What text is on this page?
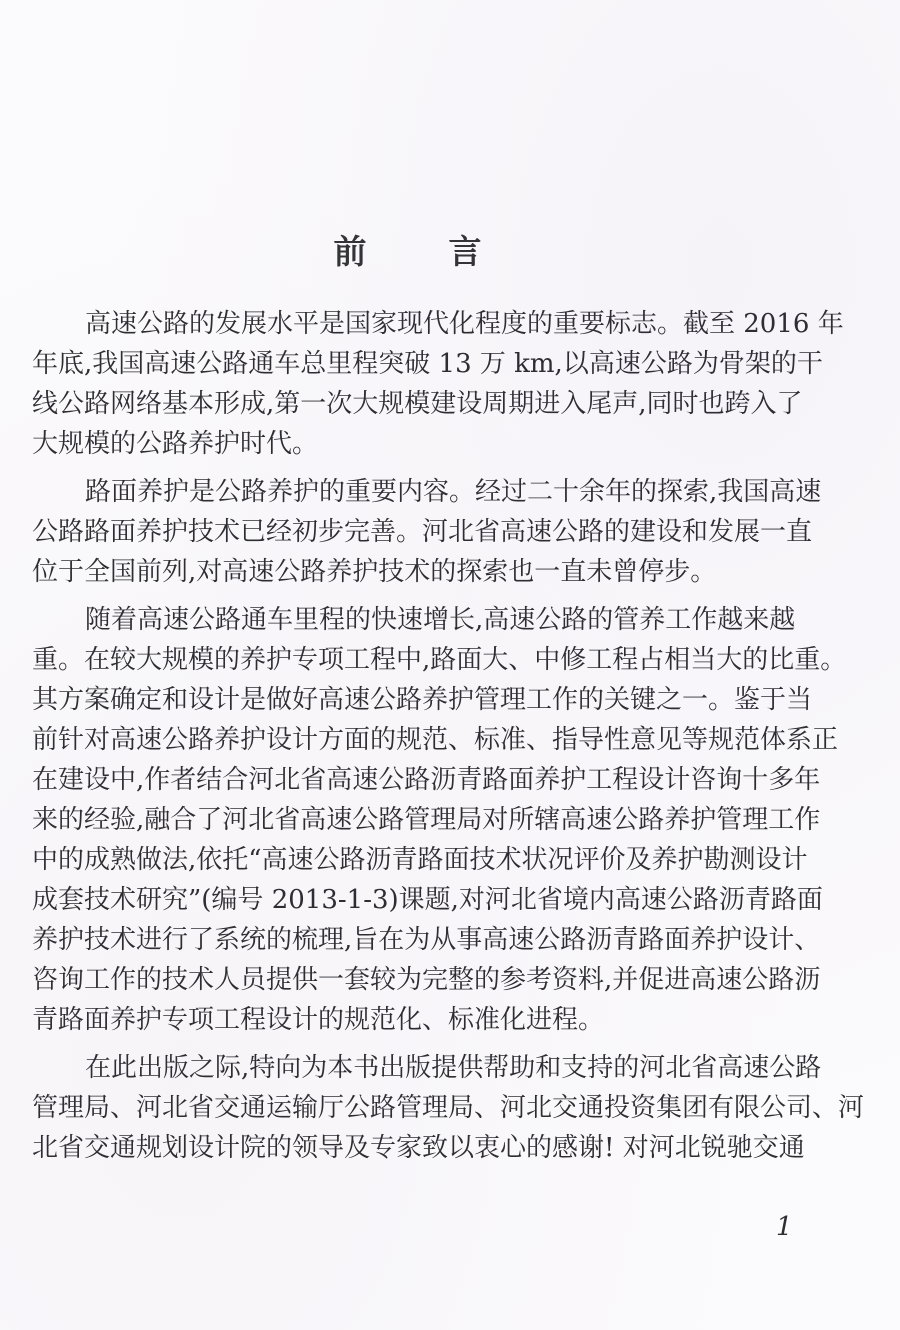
前 言
高速公路的发展水平是国家现代化程度的重要标志。截至 2016 年
年底,我国高速公路通车总里程突破 13 万 km,以高速公路为骨架的干
线公路网络基本形成,第一次大规模建设周期进入尾声,同时也跨入了
大规模的公路养护时代。
路面养护是公路养护的重要内容。经过二十余年的探索,我国高速
公路路面养护技术已经初步完善。河北省高速公路的建设和发展一直
位于全国前列,对高速公路养护技术的探索也一直未曾停步。
随着高速公路通车里程的快速增长,高速公路的管养工作越来越
重。在较大规模的养护专项工程中,路面大、中修工程占相当大的比重。
其方案确定和设计是做好高速公路养护管理工作的关键之一。鉴于当
前针对高速公路养护设计方面的规范、标准、指导性意见等规范体系正
在建设中,作者结合河北省高速公路沥青路面养护工程设计咨询十多年
来的经验,融合了河北省高速公路管理局对所辖高速公路养护管理工作
中的成熟做法,依托“高速公路沥青路面技术状况评价及养护勘测设计
成套技术研究”(编号 2013-1-3)课题,对河北省境内高速公路沥青路面
养护技术进行了系统的梳理,旨在为从事高速公路沥青路面养护设计、
咨询工作的技术人员提供一套较为完整的参考资料,并促进高速公路沥
青路面养护专项工程设计的规范化、标准化进程。
在此出版之际,特向为本书出版提供帮助和支持的河北省高速公路
管理局、河北省交通运输厅公路管理局、河北交通投资集团有限公司、河
北省交通规划设计院的领导及专家致以衷心的感谢! 对河北锐驰交通
1
